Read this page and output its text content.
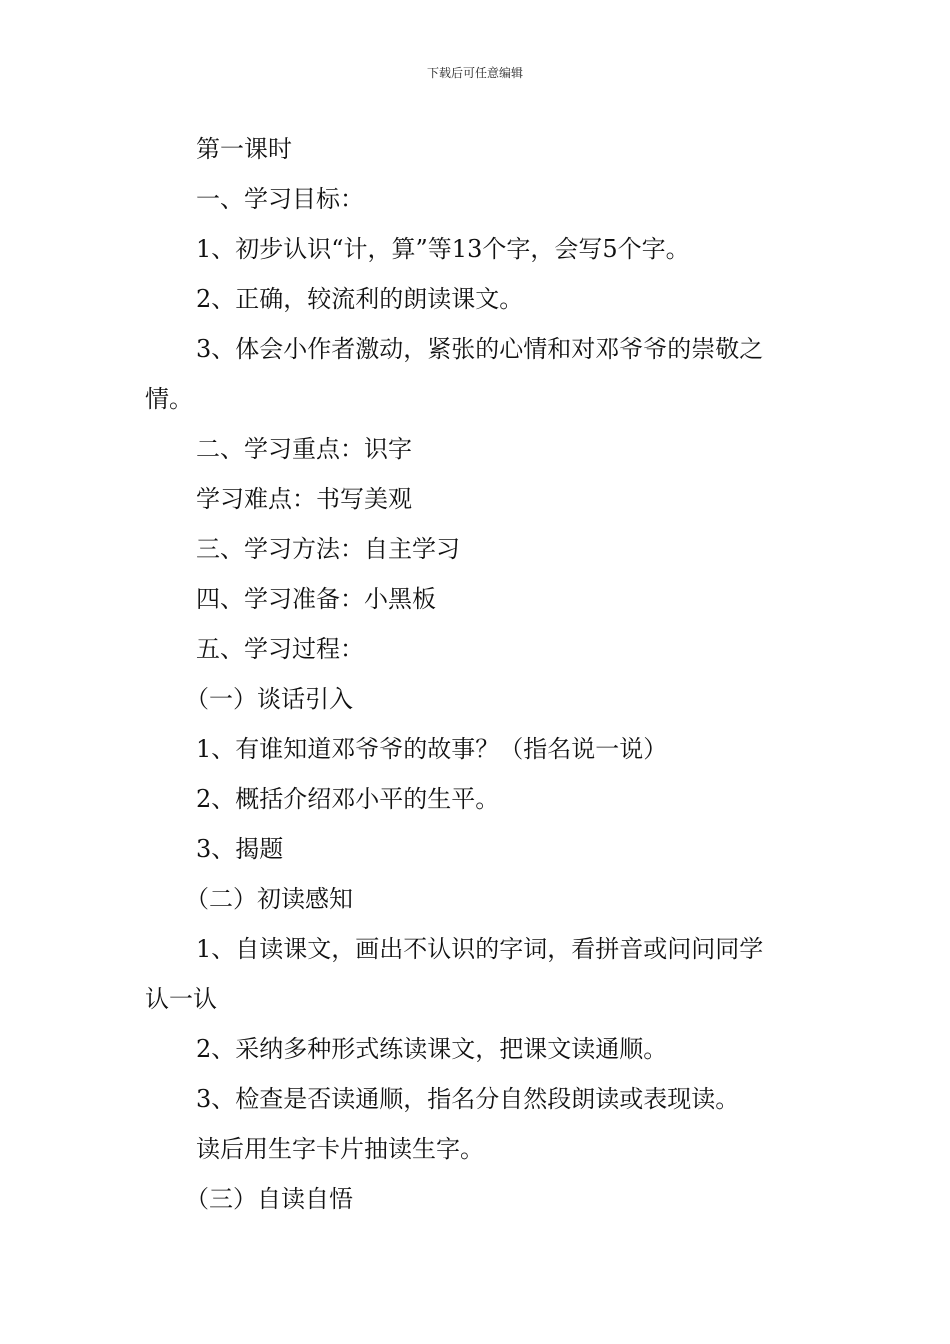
下载后可任意编辑
第一课时
一、学习目标：
1、初步认识“计，算”等13个字，会写5个字。
2、正确，较流利的朗读课文。
3、体会小作者激动，紧张的心情和对邓爷爷的崇敬之
情。
二、学习重点：识字
学习难点：书写美观
三、学习方法：自主学习
四、学习准备：小黑板
五、学习过程：
（一）谈话引入
1、有谁知道邓爷爷的故事？（指名说一说）
2、概括介绍邓小平的生平。
3、揭题
（二）初读感知
1、自读课文，画出不认识的字词，看拼音或问问同学
认一认
2、采纳多种形式练读课文，把课文读通顺。
3、检查是否读通顺，指名分自然段朗读或表现读。
读后用生字卡片抽读生字。
（三）自读自悟
